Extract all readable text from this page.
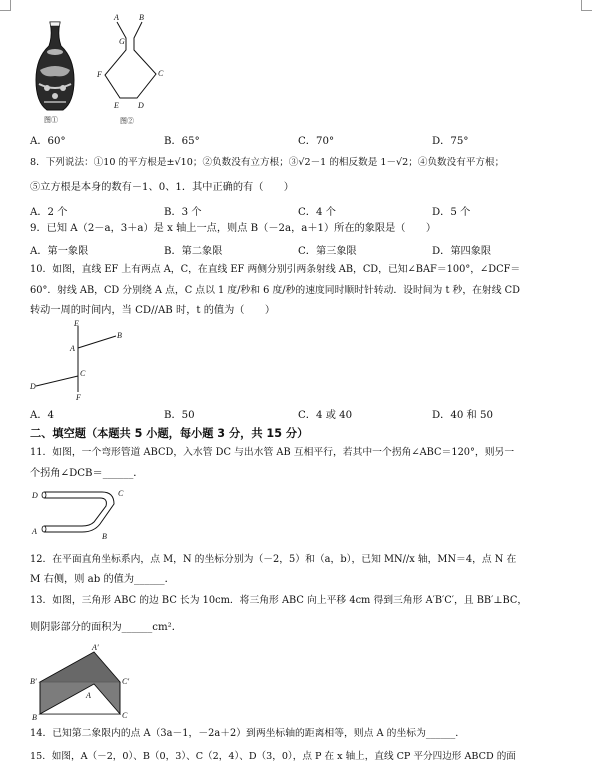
图①
A	B
G
F	C
E D
图②
A．60°	B．65°	C．70°	D．75°
8．下列说法：①10 的平方根是±√10；②负数没有立方根；③√2－1 的相反数是 1－√2；④负数没有平方根；
⑤立方根是本身的数有－1、0、1．其中正确的有（　　）
A．2 个	B．3 个	C．4 个	D．5 个
9．已知 A（2－a，3＋a）是 x 轴上一点，则点 B（－2a，a＋1）所在的象限是（　　）
A．第一象限	B．第二象限	C．第三象限	D．第四象限
10．如图，直线 EF 上有两点 A，C，在直线 EF 两侧分别引两条射线 AB，CD，已知∠BAF＝100°，∠DCF＝
60°．射线 AB，CD 分别绕 A 点，C 点以 1 度/秒和 6 度/秒的速度同时顺时针转动．设时间为 t 秒，在射线 CD
转动一周的时间内，当 CD//AB 时，t 的值为（　　）
E
A
B
C
D
F
A．4	B．50	C．4 或 40	D．40 和 50
二、填空题（本题共 5 小题，每小题 3 分，共 15 分）
11．如图，一个弯形管道 ABCD，入水管 DC 与出水管 AB 互相平行，若其中一个拐角∠ABC＝120°，则另一
个拐角∠DCB＝______．
D	C
A
B
12．在平面直角坐标系内，点 M，N 的坐标分别为（－2，5）和（a，b），已知 MN//x 轴，MN＝4，点 N 在
M 右侧，则 ab 的值为______．
13．如图，三角形 ABC 的边 BC 长为 10cm．将三角形 ABC 向上平移 4cm 得到三角形 A′B′C′，且 BB′⊥BC，
则阴影部分的面积为______cm²．
A′
B′	C′
A
B	C
14．已知第二象限内的点 A（3a－1，－2a＋2）到两坐标轴的距离相等，则点 A 的坐标为______．
15．如图，A（－2，0）、B（0，3）、C（2，4）、D（3，0），点 P 在 x 轴上，直线 CP 平分四边形 ABCD 的面
